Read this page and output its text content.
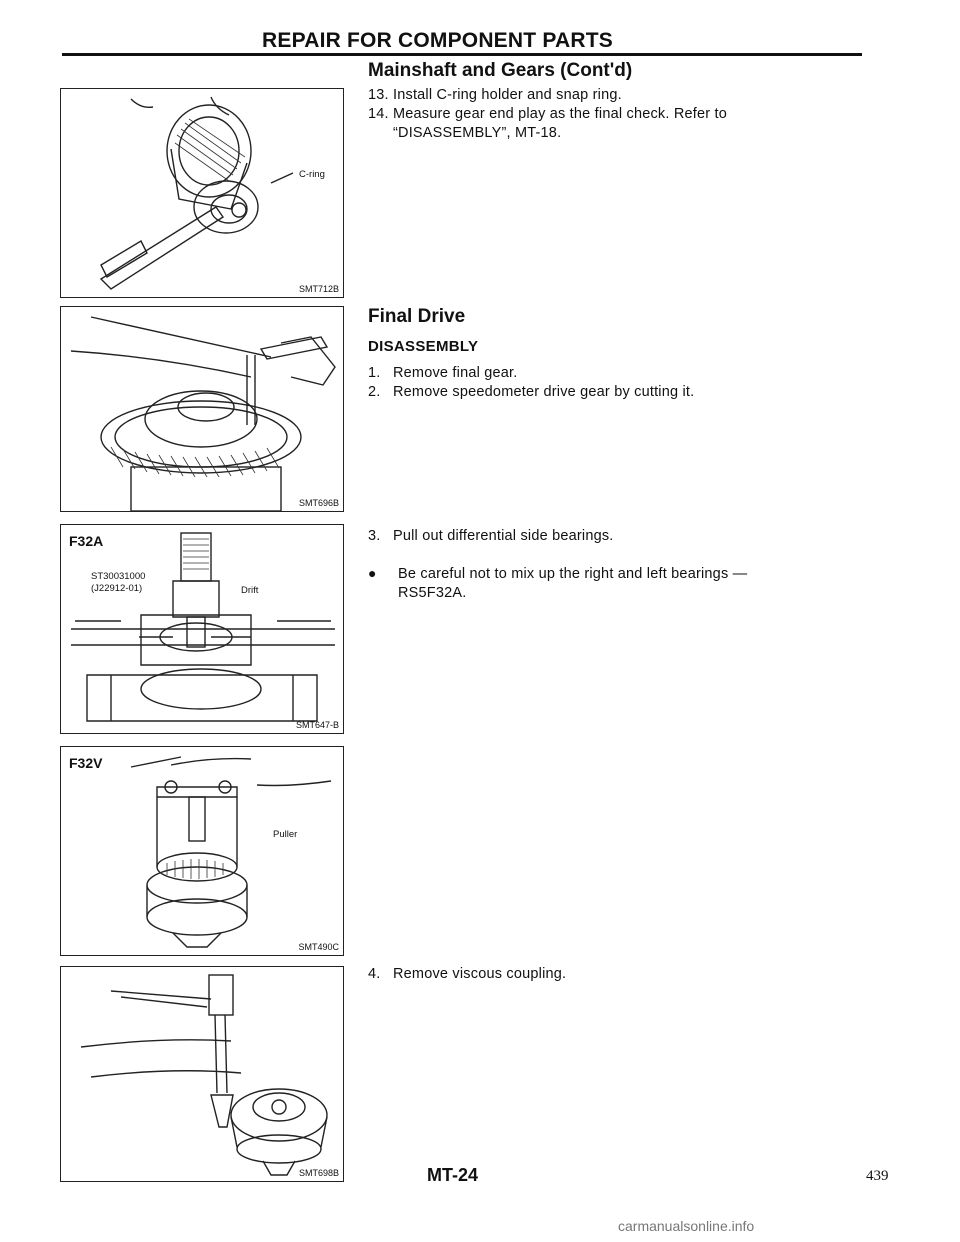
REPAIR FOR COMPONENT PARTS
C-ring
SMT712B
SMT696B
F32A
ST30031000
(J22912-01)	Drift
SMT647-B
F32V
Puller
SMT490C
SMT698B
Mainshaft and Gears (Cont'd)
13. Install C-ring holder and snap ring.
14. Measure gear end play as the final check. Refer to
“DISASSEMBLY”, MT-18.
Final Drive
DISASSEMBLY
1. Remove final gear.
2. Remove speedometer drive gear by cutting it.
3. Pull out differential side bearings.
● Be careful not to mix up the right and left bearings —
RS5F32A.
4. Remove viscous coupling.
MT-24	439
carmanualsonline.info
